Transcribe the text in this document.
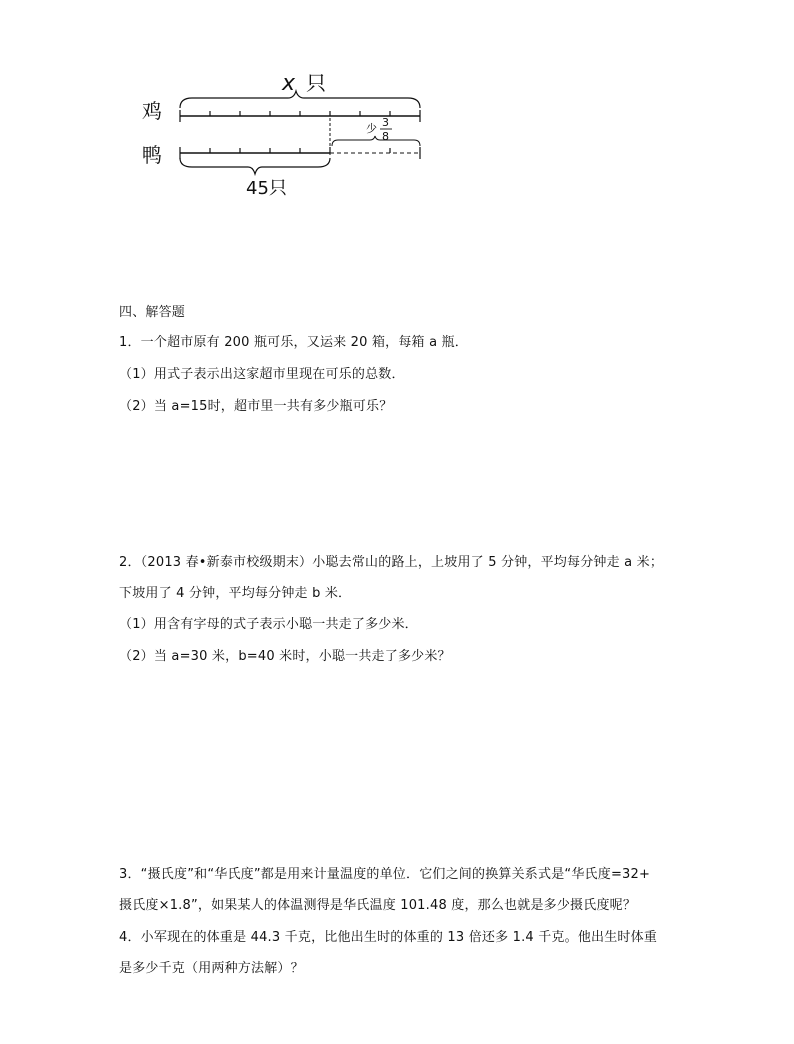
x 只
鸡
少 3
8
鸭
45只
四、解答题
1．一个超市原有 200 瓶可乐，又运来 20 箱，每箱 a 瓶．
（1）用式子表示出这家超市里现在可乐的总数．
（2）当 a=15时，超市里一共有多少瓶可乐？
2．（2013 春•新泰市校级期末）小聪去常山的路上，上坡用了 5 分钟，平均每分钟走 a 米；
下坡用了 4 分钟，平均每分钟走 b 米．
（1）用含有字母的式子表示小聪一共走了多少米．
（2）当 a=30 米，b=40 米时，小聪一共走了多少米？
3．“摄氏度”和“华氏度”都是用来计量温度的单位．它们之间的换算关系式是“华氏度=32+
摄氏度×1.8”，如果某人的体温测得是华氏温度 101.48 度，那么也就是多少摄氏度呢？
4．小军现在的体重是 44.3 千克，比他出生时的体重的 13 倍还多 1.4 千克。他出生时体重
是多少千克（用两种方法解）？
